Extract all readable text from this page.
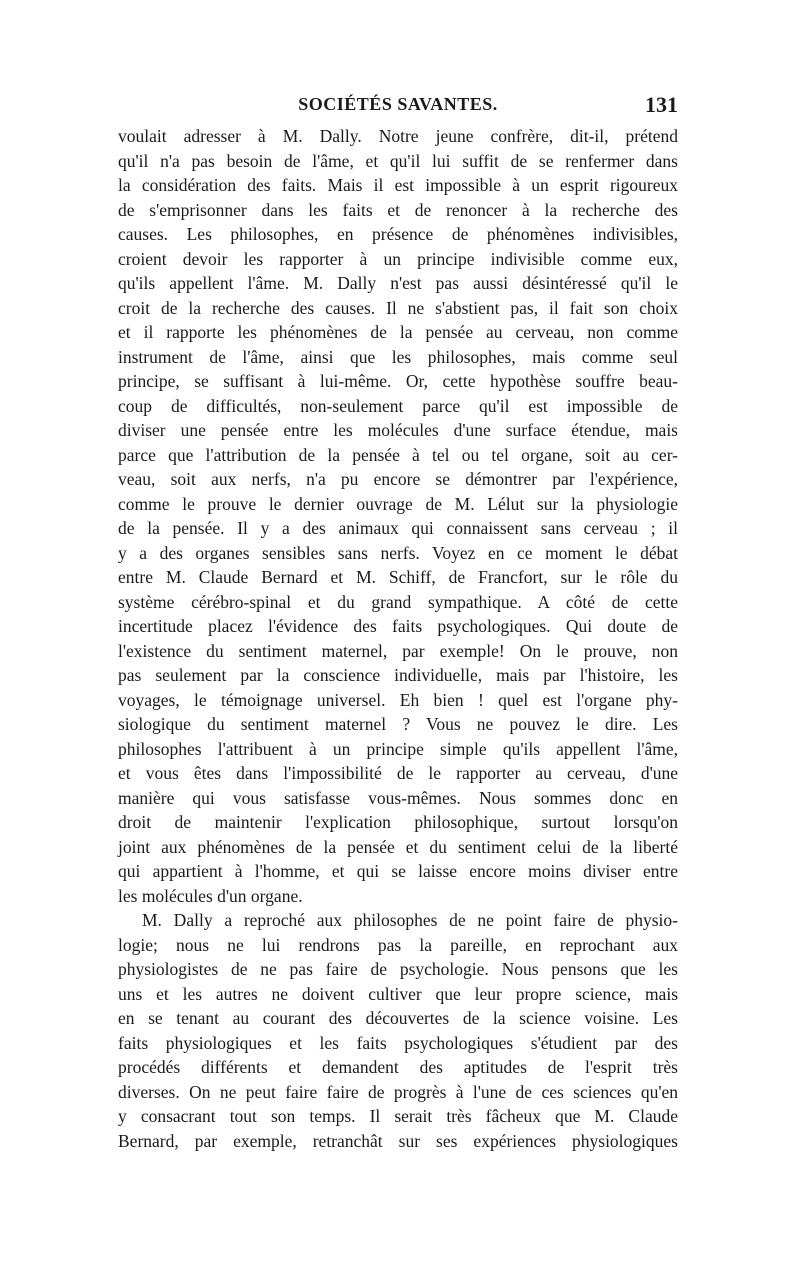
SOCIÉTÉS SAVANTES.	131
voulait adresser à M. Dally. Notre jeune confrère, dit-il, prétend
qu'il n'a pas besoin de l'âme, et qu'il lui suffit de se renfermer dans
la considération des faits. Mais il est impossible à un esprit rigoureux
de s'emprisonner dans les faits et de renoncer à la recherche des
causes. Les philosophes, en présence de phénomènes indivisibles,
croient devoir les rapporter à un principe indivisible comme eux,
qu'ils appellent l'âme. M. Dally n'est pas aussi désintéressé qu'il le
croit de la recherche des causes. Il ne s'abstient pas, il fait son choix
et il rapporte les phénomènes de la pensée au cerveau, non comme
instrument de l'âme, ainsi que les philosophes, mais comme seul
principe, se suffisant à lui-même. Or, cette hypothèse souffre beau-
coup de difficultés, non-seulement parce qu'il est impossible de
diviser une pensée entre les molécules d'une surface étendue, mais
parce que l'attribution de la pensée à tel ou tel organe, soit au cer-
veau, soit aux nerfs, n'a pu encore se démontrer par l'expérience,
comme le prouve le dernier ouvrage de M. Lélut sur la physiologie
de la pensée. Il y a des animaux qui connaissent sans cerveau ; il
y a des organes sensibles sans nerfs. Voyez en ce moment le débat
entre M. Claude Bernard et M. Schiff, de Francfort, sur le rôle du
système cérébro-spinal et du grand sympathique. A côté de cette
incertitude placez l'évidence des faits psychologiques. Qui doute de
l'existence du sentiment maternel, par exemple! On le prouve, non
pas seulement par la conscience individuelle, mais par l'histoire, les
voyages, le témoignage universel. Eh bien ! quel est l'organe phy-
siologique du sentiment maternel ? Vous ne pouvez le dire. Les
philosophes l'attribuent à un principe simple qu'ils appellent l'âme,
et vous êtes dans l'impossibilité de le rapporter au cerveau, d'une
manière qui vous satisfasse vous-mêmes. Nous sommes donc en
droit de maintenir l'explication philosophique, surtout lorsqu'on
joint aux phénomènes de la pensée et du sentiment celui de la liberté
qui appartient à l'homme, et qui se laisse encore moins diviser entre
les molécules d'un organe.
M. Dally a reproché aux philosophes de ne point faire de physio-
logie; nous ne lui rendrons pas la pareille, en reprochant aux
physiologistes de ne pas faire de psychologie. Nous pensons que les
uns et les autres ne doivent cultiver que leur propre science, mais
en se tenant au courant des découvertes de la science voisine. Les
faits physiologiques et les faits psychologiques s'étudient par des
procédés différents et demandent des aptitudes de l'esprit très
diverses. On ne peut faire faire de progrès à l'une de ces sciences qu'en
y consacrant tout son temps. Il serait très fâcheux que M. Claude
Bernard, par exemple, retranchât sur ses expériences physiologiques
